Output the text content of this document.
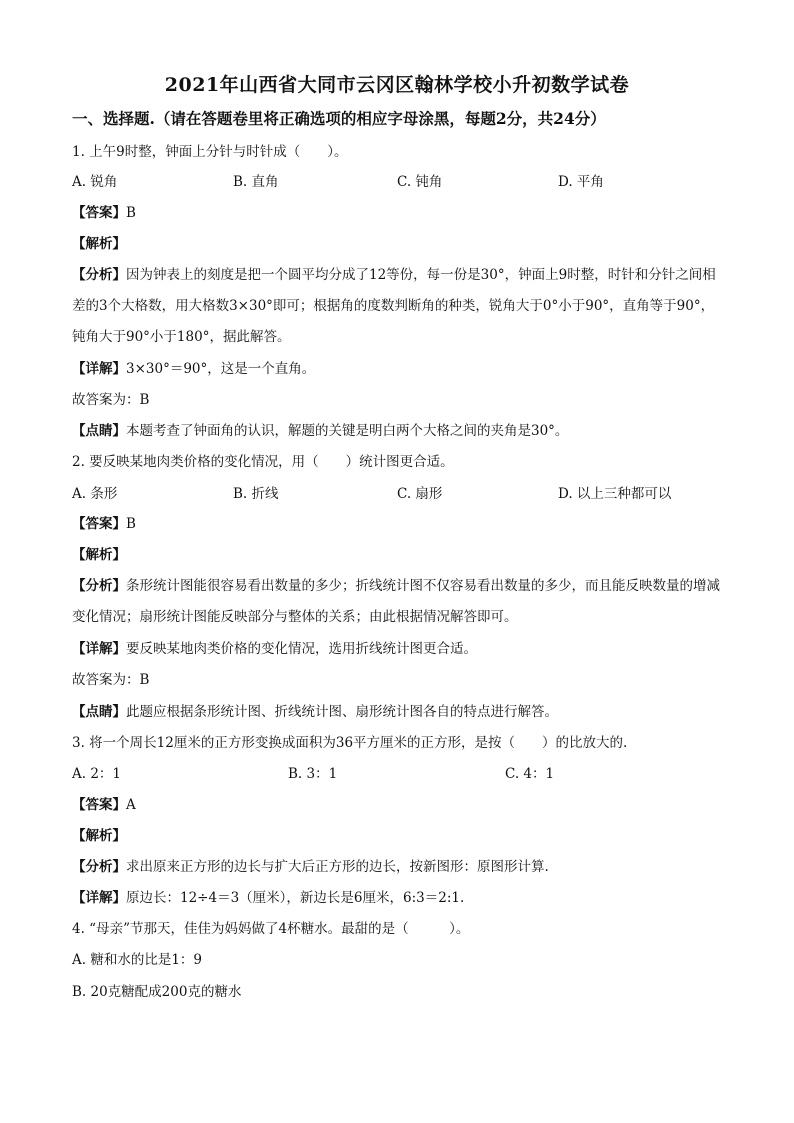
2021年山西省大同市云冈区翰林学校小升初数学试卷
一、选择题.（请在答题卷里将正确选项的相应字母涂黑，每题2分，共24分）
1. 上午9时整，钟面上分针与时针成（　　）。
A. 锐角	B. 直角	C. 钝角	D. 平角
【答案】B
【解析】
【分析】因为钟表上的刻度是把一个圆平均分成了12等份，每一份是30°，钟面上9时整，时针和分针之间相差的3个大格数，用大格数3×30°即可；根据角的度数判断角的种类，锐角大于0°小于90°，直角等于90°，钝角大于90°小于180°，据此解答。
【详解】3×30°＝90°，这是一个直角。
故答案为：B
【点睛】本题考查了钟面角的认识，解题的关键是明白两个大格之间的夹角是30°。
2. 要反映某地肉类价格的变化情况，用（　　）统计图更合适。
A. 条形	B. 折线	C. 扇形	D. 以上三种都可以
【答案】B
【解析】
【分析】条形统计图能很容易看出数量的多少；折线统计图不仅容易看出数量的多少，而且能反映数量的增减变化情况；扇形统计图能反映部分与整体的关系；由此根据情况解答即可。
【详解】要反映某地肉类价格的变化情况，选用折线统计图更合适。
故答案为：B
【点睛】此题应根据条形统计图、折线统计图、扇形统计图各自的特点进行解答。
3. 将一个周长12厘米的正方形变换成面积为36平方厘米的正方形，是按（　　）的比放大的.
A. 2：1	B. 3：1	C. 4：1
【答案】A
【解析】
【分析】求出原来正方形的边长与扩大后正方形的边长，按新图形：原图形计算.
【详解】原边长：12÷4＝3（厘米），新边长是6厘米，6:3＝2:1.
4. “母亲”节那天，佳佳为妈妈做了4杯糖水。最甜的是（　　　）。
A. 糖和水的比是1：9
B. 20克糖配成200克的糖水
